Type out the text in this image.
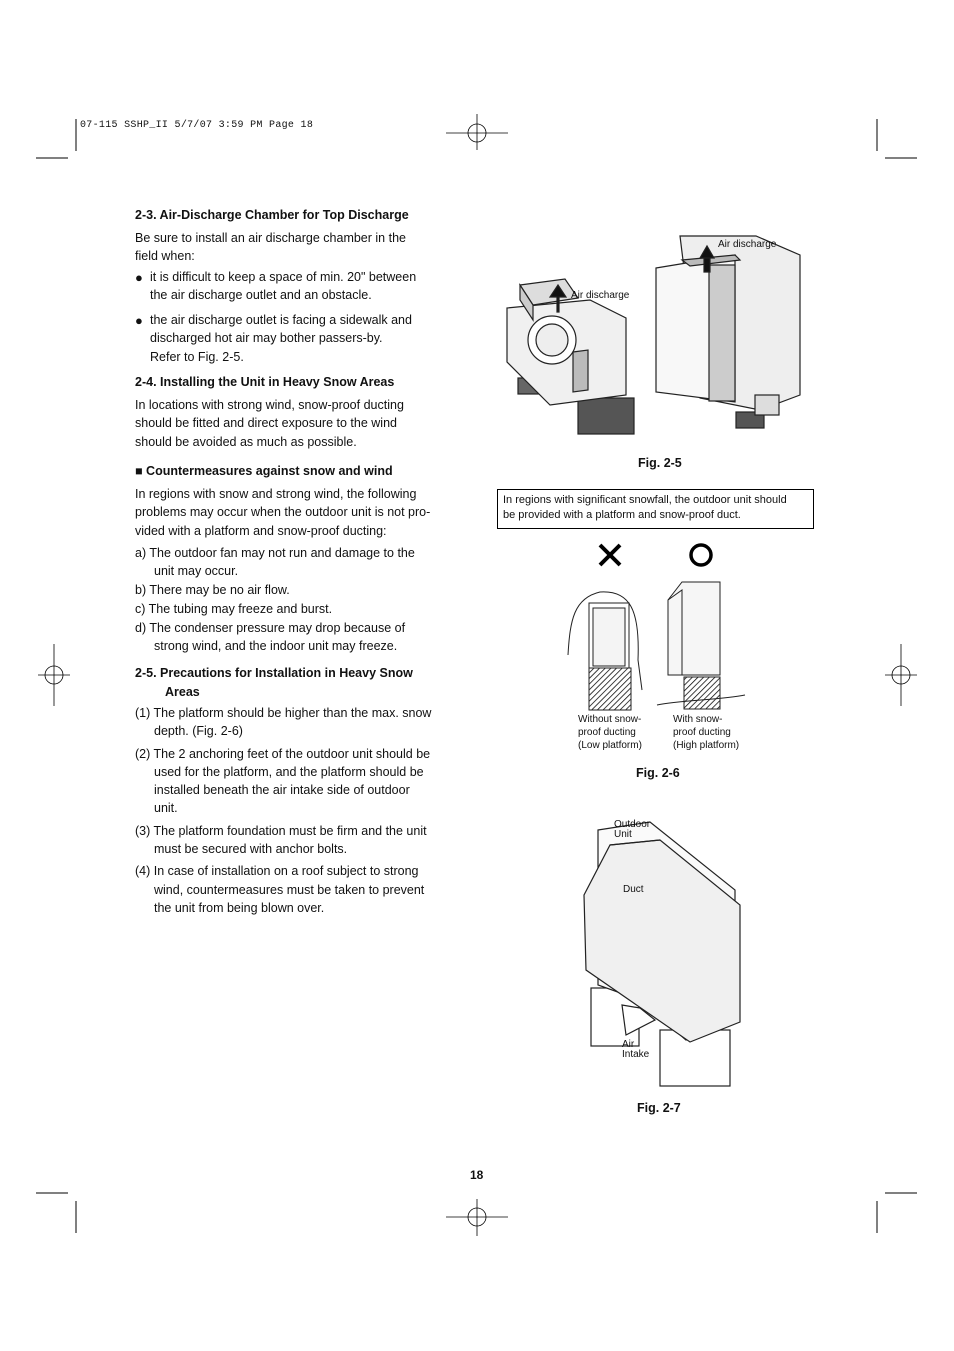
07-115 SSHP_II 5/7/07 3:59 PM Page 18
2-3. Air-Discharge Chamber for Top Discharge
Be sure to install an air discharge chamber in the
field when:
● it is difficult to keep a space of min. 20" between
the air discharge outlet and an obstacle.
● the air discharge outlet is facing a sidewalk and
discharged hot air may bother passers-by.
Refer to Fig. 2-5.
2-4. Installing the Unit in Heavy Snow Areas
In locations with strong wind, snow-proof ducting
should be fitted and direct exposure to the wind
should be avoided as much as possible.
■ Countermeasures against snow and wind
In regions with snow and strong wind, the following
problems may occur when the outdoor unit is not pro-
vided with a platform and snow-proof ducting:
a) The outdoor fan may not run and damage to the
unit may occur.
b) There may be no air flow.
c) The tubing may freeze and burst.
d) The condenser pressure may drop because of
strong wind, and the indoor unit may freeze.
2-5. Precautions for Installation in Heavy Snow
Areas
(1) The platform should be higher than the max. snow
depth. (Fig. 2-6)
(2) The 2 anchoring feet of the outdoor unit should be
used for the platform, and the platform should be
installed beneath the air intake side of outdoor
unit.
(3) The platform foundation must be firm and the unit
must be secured with anchor bolts.
(4) In case of installation on a roof subject to strong
wind, countermeasures must be taken to prevent
the unit from being blown over.
Air discharge
Air discharge
Fig. 2-5
In regions with significant snowfall, the outdoor unit should
be provided with a platform and snow-proof duct.
Without snow-
proof ducting
(Low platform)
With snow-
proof ducting
(High platform)
Fig. 2-6
Outdoor
Unit
Duct
Air
Intake
Fig. 2-7
18
